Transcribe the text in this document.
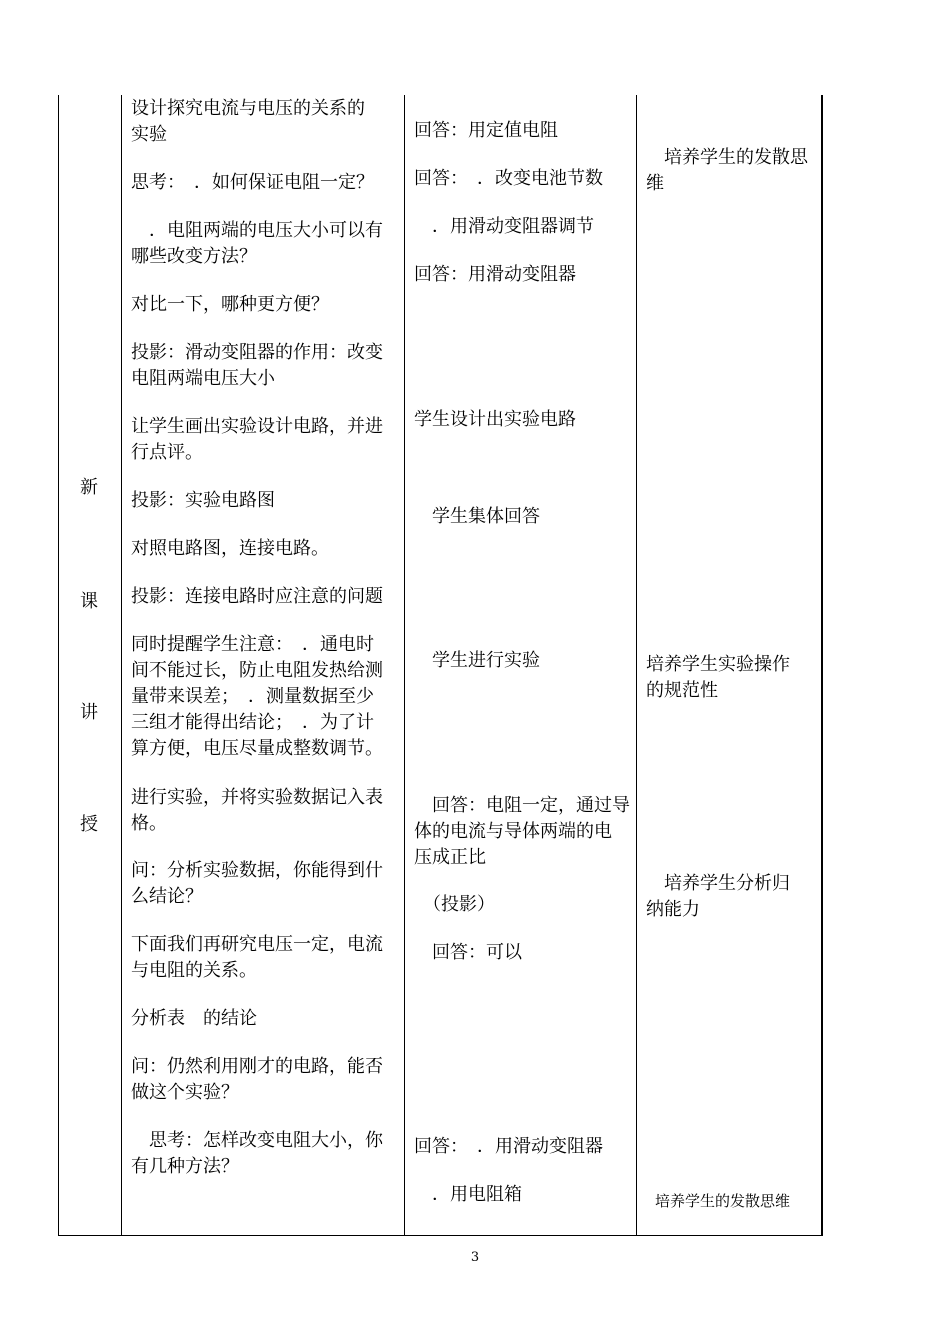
新
课
讲
授
设计探究电流与电压的关系的
实验
思考：　．如何保证电阻一定？
　．电阻两端的电压大小可以有
哪些改变方法？
对比一下，哪种更方便？
投影：滑动变阻器的作用：改变
电阻两端电压大小
让学生画出实验设计电路，并进
行点评。
投影：实验电路图
对照电路图，连接电路。
投影：连接电路时应注意的问题
同时提醒学生注意：　．通电时
间不能过长，防止电阻发热给测
量带来误差；　．测量数据至少
三组才能得出结论；　．为了计
算方便，电压尽量成整数调节。
进行实验，并将实验数据记入表
格。
问：分析实验数据，你能得到什
么结论？
下面我们再研究电压一定，电流
与电阻的关系。
分析表　的结论
问：仍然利用刚才的电路，能否
做这个实验？
　思考：怎样改变电阻大小，你
有几种方法？
回答：用定值电阻
回答：　．改变电池节数
　．用滑动变阻器调节
回答：用滑动变阻器
学生设计出实验电路
　学生集体回答
　学生进行实验
　回答：电阻一定，通过导
体的电流与导体两端的电
压成正比
　（投影）
　回答：可以
回答：　．用滑动变阻器
　．用电阻箱
　培养学生的发散思
维
培养学生实验操作
的规范性
　培养学生分析归
纳能力
培养学生的发散思维
3
